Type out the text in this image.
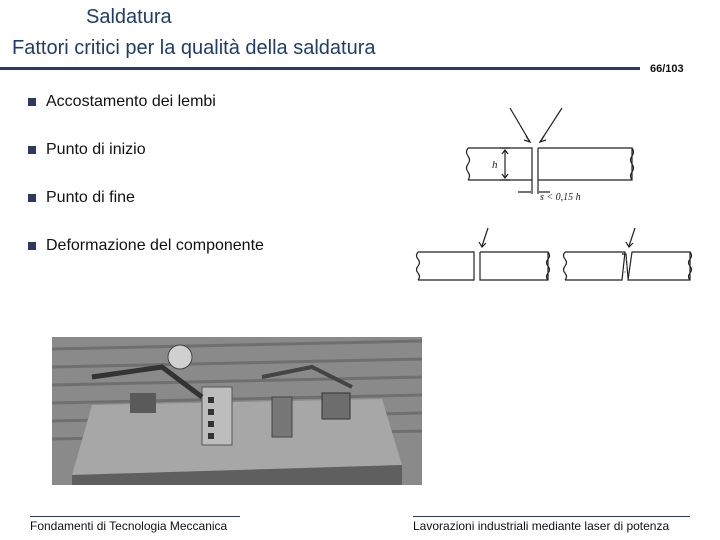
Saldatura
Fattori critici per la qualità della saldatura
66/103
Accostamento dei lembi
Punto di inizio
Punto di fine
Deformazione del componente
h
s < 0,15 h
Fondamenti di Tecnologia Meccanica	Lavorazioni industriali mediante laser di potenza
